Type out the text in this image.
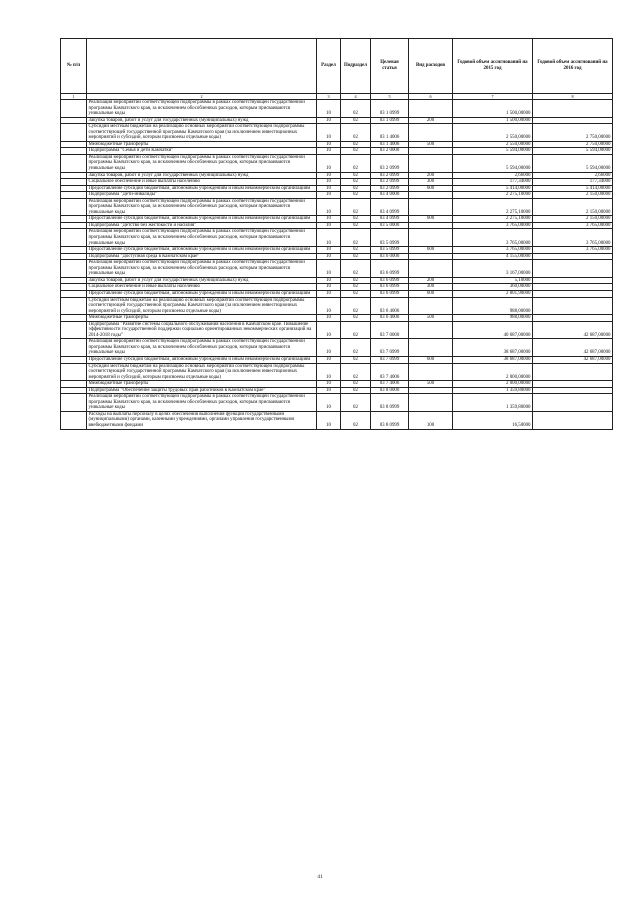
№ п/п		Раздел	Подраздел	Целевая статья	Вид расходов	Годовой объем ассигнований на 2015 год	Годовой объем ассигнований на 2016 год
1	2	3	4	5	6	7	8
	Реализация мероприятий соответствующей подпрограммы в рамках соответствующей государственной программы Камчатского края, за исключением обособленных расходов, которым присваиваются уникальные коды	10	02	03 1 0999		1 500,00000	
	Закупка товаров, работ и услуг для государственных (муниципальных) нужд	10	02	03 1 0999	200	1 500,00000	
	Субсидии местным бюджетам на реализацию основных мероприятий соответствующей подпрограммы соответствующей государственной программы Камчатского края (за исключением инвестиционных мероприятий и субсидий, которым присвоены отдельные коды)	10	02	03 1 4006		2 550,00000	2 750,00000
	Межбюджетные трансферты	10	02	03 1 4006	500	2 550,00000	2 750,00000
	Подпрограмма "Семья и дети Камчатки"	10	02	03 2 0000		5 594,00000	5 594,00000
	Реализация мероприятий соответствующей подпрограммы в рамках соответствующей государственной программы Камчатского края, за исключением обособленных расходов, которым присваиваются уникальные коды	10	02	03 2 0999		5 594,00000	5 594,00000
	Закупка товаров, работ и услуг для государственных (муниципальных) нужд	10	02	03 2 0999	200	2,66000	2,66000
	Социальное обеспечение и иные выплаты населению	10	02	03 2 0999	300	177,34000	177,34000
	Предоставление субсидий бюджетным, автономным учреждениям и иным некоммерческим организациям	10	02	03 2 0999	600	5 414,00000	5 414,00000
	Подпрограмма "Дети-инвалиды"	10	02	03 4 0000		2 275,10000	2 150,00000
	Реализация мероприятий соответствующей подпрограммы в рамках соответствующей государственной программы Камчатского края, за исключением обособленных расходов, которым присваиваются уникальные коды	10	02	03 4 0999		2 275,10000	2 150,00000
	Предоставление субсидий бюджетным, автономным учреждениям и иным некоммерческим организациям	10	02	03 4 0999	600	2 275,10000	2 150,00000
	Подпрограмма "Детство без жестокости и насилия"	10	02	03 5 0000		3 765,00000	3 765,00000
	Реализация мероприятий соответствующей подпрограммы в рамках соответствующей государственной программы Камчатского края, за исключением обособленных расходов, которым присваиваются уникальные коды	10	02	03 5 0999		3 765,00000	3 765,00000
	Предоставление субсидий бюджетным, автономным учреждениям и иным некоммерческим организациям	10	02	03 5 0999	600	3 765,00000	3 765,00000
	Подпрограмма "Доступная среда в Камчатском крае"	10	02	03 6 0000		4 155,00000	
	Реализация мероприятий соответствующей подпрограммы в рамках соответствующей государственной программы Камчатского края, за исключением обособленных расходов, которым присваиваются уникальные коды	10	02	03 6 0999		3 167,00000	
	Закупка товаров, работ и услуг для государственных (муниципальных) нужд	10	02	03 6 0999	200	5,10000	
	Социальное обеспечение и иные выплаты населению	10	02	03 6 0999	300	360,00000	
	Предоставление субсидий бюджетным, автономным учреждениям и иным некоммерческим организациям	10	02	03 6 0999	600	2 801,90000	
	Субсидии местным бюджетам на реализацию основных мероприятий соответствующей подпрограммы соответствующей государственной программы Камчатского края (за исключением инвестиционных мероприятий и субсидий, которым присвоены отдельные коды)	10	02	03 6 4006		988,00000	
	Межбюджетные трансферты	10	02	03 6 4006	500	988,00000	
	Подпрограмма "Развитие системы социального обслуживания населения в Камчатском крае. Повышение эффективности государственной поддержки социально ориентированных некоммерческих организаций на 2014-2018 годы"	10	02	03 7 0000		40 687,00000	42 687,00000
	Реализация мероприятий соответствующей подпрограммы в рамках соответствующей государственной программы Камчатского края, за исключением обособленных расходов, которым присваиваются уникальные коды	10	02	03 7 0999		38 687,00000	42 687,00000
	Предоставление субсидий бюджетным, автономным учреждениям и иным некоммерческим организациям	10	02	03 7 0999	600	38 687,00000	42 687,00000
	Субсидии местным бюджетам на реализацию основных мероприятий соответствующей подпрограммы соответствующей государственной программы Камчатского края (за исключением инвестиционных мероприятий и субсидий, которым присвоены отдельные коды)	10	02	03 7 4006		2 000,00000	
	Межбюджетные трансферты	10	02	03 7 4006	500	2 000,00000	
	Подпрограмма "Обеспечение защиты трудовых прав работников в Камчатском крае"	10	02	03 8 0000		1 359,80000	
	Реализация мероприятий соответствующей подпрограммы в рамках соответствующей государственной программы Камчатского края, за исключением обособленных расходов, которым присваиваются уникальные коды	10	02	03 8 0999		1 359,80000	
	Расходы на выплаты персоналу в целях обеспечения выполнения функций государственными (муниципальными) органами, казенными учреждениями, органами управления государственными внебюджетными фондами	10	02	03 8 0999	100	16,50000	
41
